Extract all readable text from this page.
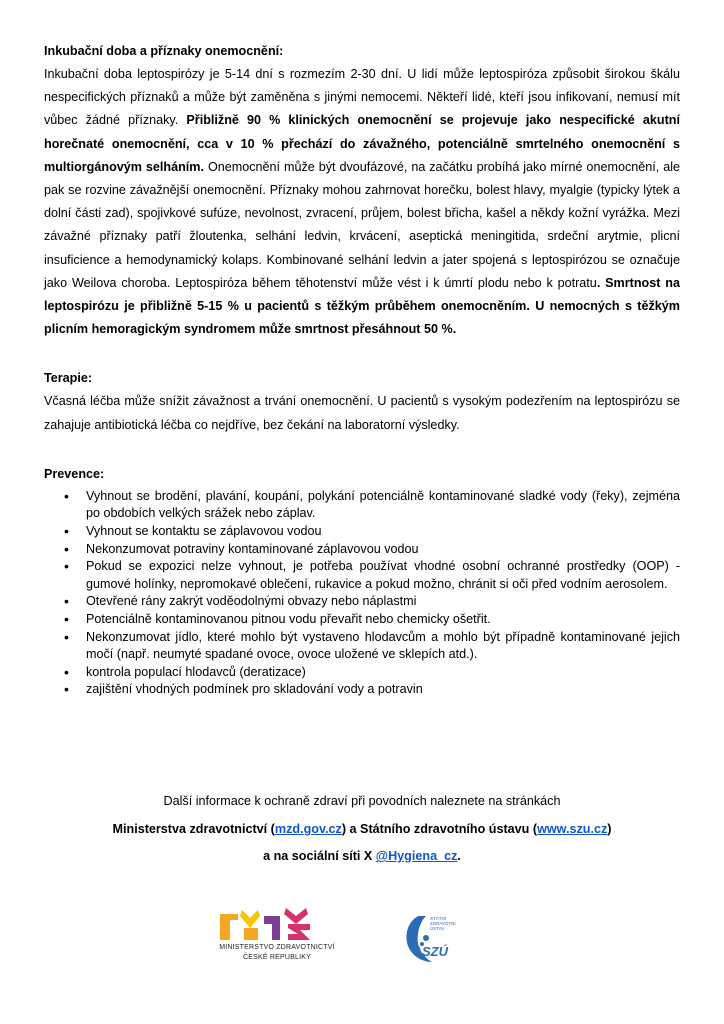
Inkubační doba a příznaky onemocnění:

Inkubační doba leptospirózy je 5-14 dní s rozmezím 2-30 dní. U lidí může leptospiróza způsobit širokou škálu nespecifických příznaků a může být zaměněna s jinými nemocemi. Někteří lidé, kteří jsou infikovaní, nemusí mít vůbec žádné příznaky. Přibližně 90 % klinických onemocnění se projevuje jako nespecifické akutní horečnaté onemocnění, cca v 10 % přechází do závažného, potenciálně smrtelného onemocnění s multiorgánovým selháním. Onemocnění může být dvoufázové, na začátku probíhá jako mírné onemocnění, ale pak se rozvine závažnější onemocnění. Příznaky mohou zahrnovat horečku, bolest hlavy, myalgie (typicky lýtek a dolní části zad), spojivkové sufúze, nevolnost, zvracení, průjem, bolest břicha, kašel a někdy kožní vyrážka. Mezi závažné příznaky patří žloutenka, selhání ledvin, krvácení, aseptická meningitida, srdeční arytmie, plicní insuficience a hemodynamický kolaps. Kombinované selhání ledvin a jater spojená s leptospirózou se označuje jako Weilova choroba. Leptospiróza během těhotenství může vést i k úmrtí plodu nebo k potratu. Smrtnost na leptospirózu je přibližně 5-15 % u pacientů s těžkým průběhem onemocněním. U nemocných s těžkým plicním hemoragickým syndromem může smrtnost přesáhnout 50 %.

Terapie:

Včasná léčba může snížit závažnost a trvání onemocnění. U pacientů s vysokým podezřením na leptospirózu se zahajuje antibiotická léčba co nejdříve, bez čekání na laboratorní výsledky.

Prevence:
• Vyhnout se brodění, plavání, koupání, polykání potenciálně kontaminované sladké vody (řeky), zejména po obdobích velkých srážek nebo záplav.
• Vyhnout se kontaktu se záplavovou vodou
• Nekonzumovat potraviny kontaminované záplavovou vodou
• Pokud se expozici nelze vyhnout, je potřeba používat vhodné osobní ochranné prostředky (OOP) - gumové holínky, nepromokavé oblečení, rukavice a pokud možno, chránit si oči před vodním aerosolem.
• Otevřené rány zakrýt voděodolnými obvazy nebo náplastmi
• Potenciálně kontaminovanou pitnou vodu převařit nebo chemicky ošetřit.
• Nekonzumovat jídlo, které mohlo být vystaveno hlodavcům a mohlo být případně kontaminované jejich močí (např. neumyté spadané ovoce, ovoce uložené ve sklepích atd.).
• kontrola populací hlodavců (deratizace)
• zajištění vhodných podmínek pro skladování vody a potravin
Další informace k ochraně zdraví při povodních naleznete na stránkách
Ministerstva zdravotnictví (mzd.gov.cz) a Státního zdravotního ústavu (www.szu.cz)
a na sociální síti X @Hygiena_cz.
MINISTERSTVO ZDRAVOTNICTVÍ
ČESKÉ REPUBLIKY
STÁTNÍ
ZDRAVOTNÍ
ÚSTAV
SZÚ
